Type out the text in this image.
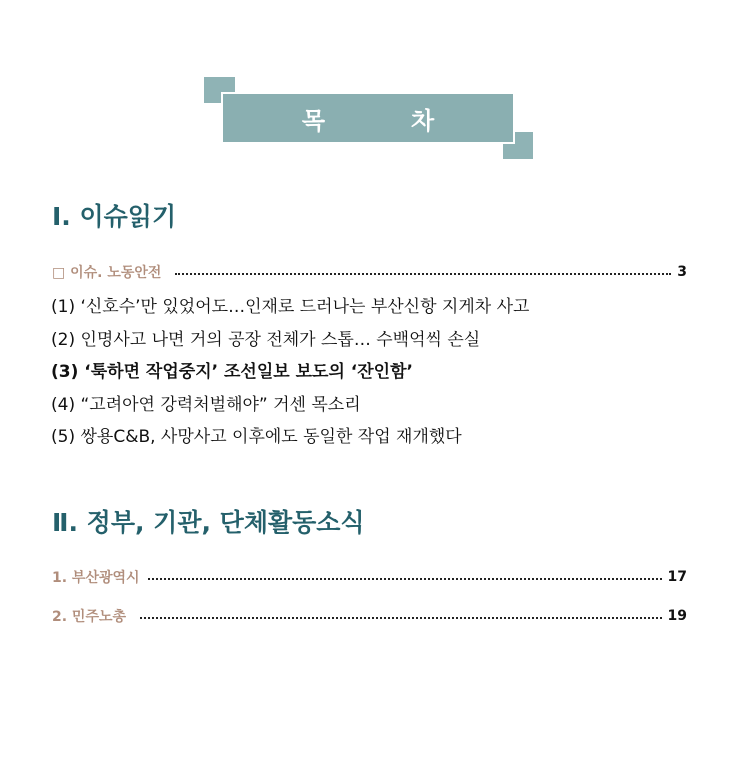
목	차
Ⅰ. 이슈읽기
□ 이슈. 노동안전	3
(1) ‘신호수’만 있었어도…인재로 드러나는 부산신항 지게차 사고
(2) 인명사고 나면 거의 공장 전체가 스톱… 수백억씩 손실
(3) ‘툭하면 작업중지’ 조선일보 보도의 ‘잔인함’
(4) “고려아연 강력처벌해야” 거센 목소리
(5) 쌍용C&B, 사망사고 이후에도 동일한 작업 재개했다
Ⅱ. 정부, 기관, 단체활동소식
1. 부산광역시	17
2. 민주노총	19
